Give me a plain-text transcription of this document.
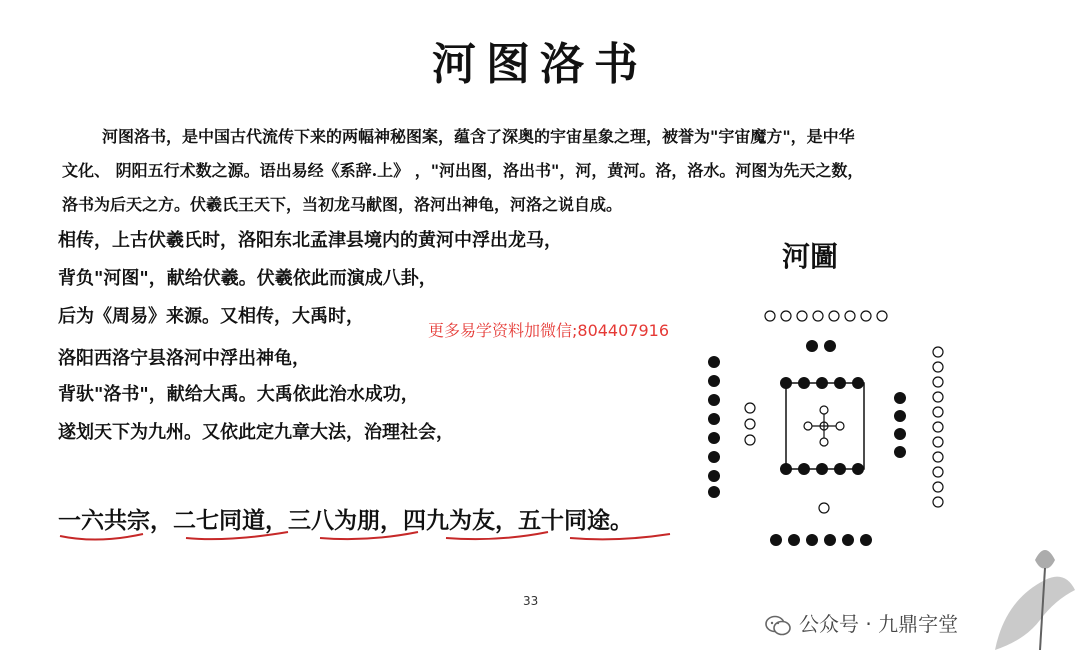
河图洛书
河图洛书，是中国古代流传下来的两幅神秘图案，蕴含了深奥的宇宙星象之理，被誉为"宇宙魔方"，是中华
文化、 阴阳五行术数之源。语出易经《系辞.上》 ，"河出图，洛出书"，河，黄河。洛，洛水。河图为先天之数，
洛书为后天之方。伏羲氏王天下，当初龙马献图，洛河出神龟，河洛之说自成。
相传，上古伏羲氏时，洛阳东北孟津县境内的黄河中浮出龙马，
背负"河图"，献给伏羲。伏羲依此而演成八卦，
后为《周易》来源。又相传，大禹时，
洛阳西洛宁县洛河中浮出神龟，
背驮"洛书"，献给大禹。大禹依此治水成功，
遂划天下为九州。又依此定九章大法，治理社会，
更多易学资料加微信;804407916
一六共宗，二七同道，三八为朋，四九为友，五十同途。
33
河圖
公众号 · 九鼎字堂
